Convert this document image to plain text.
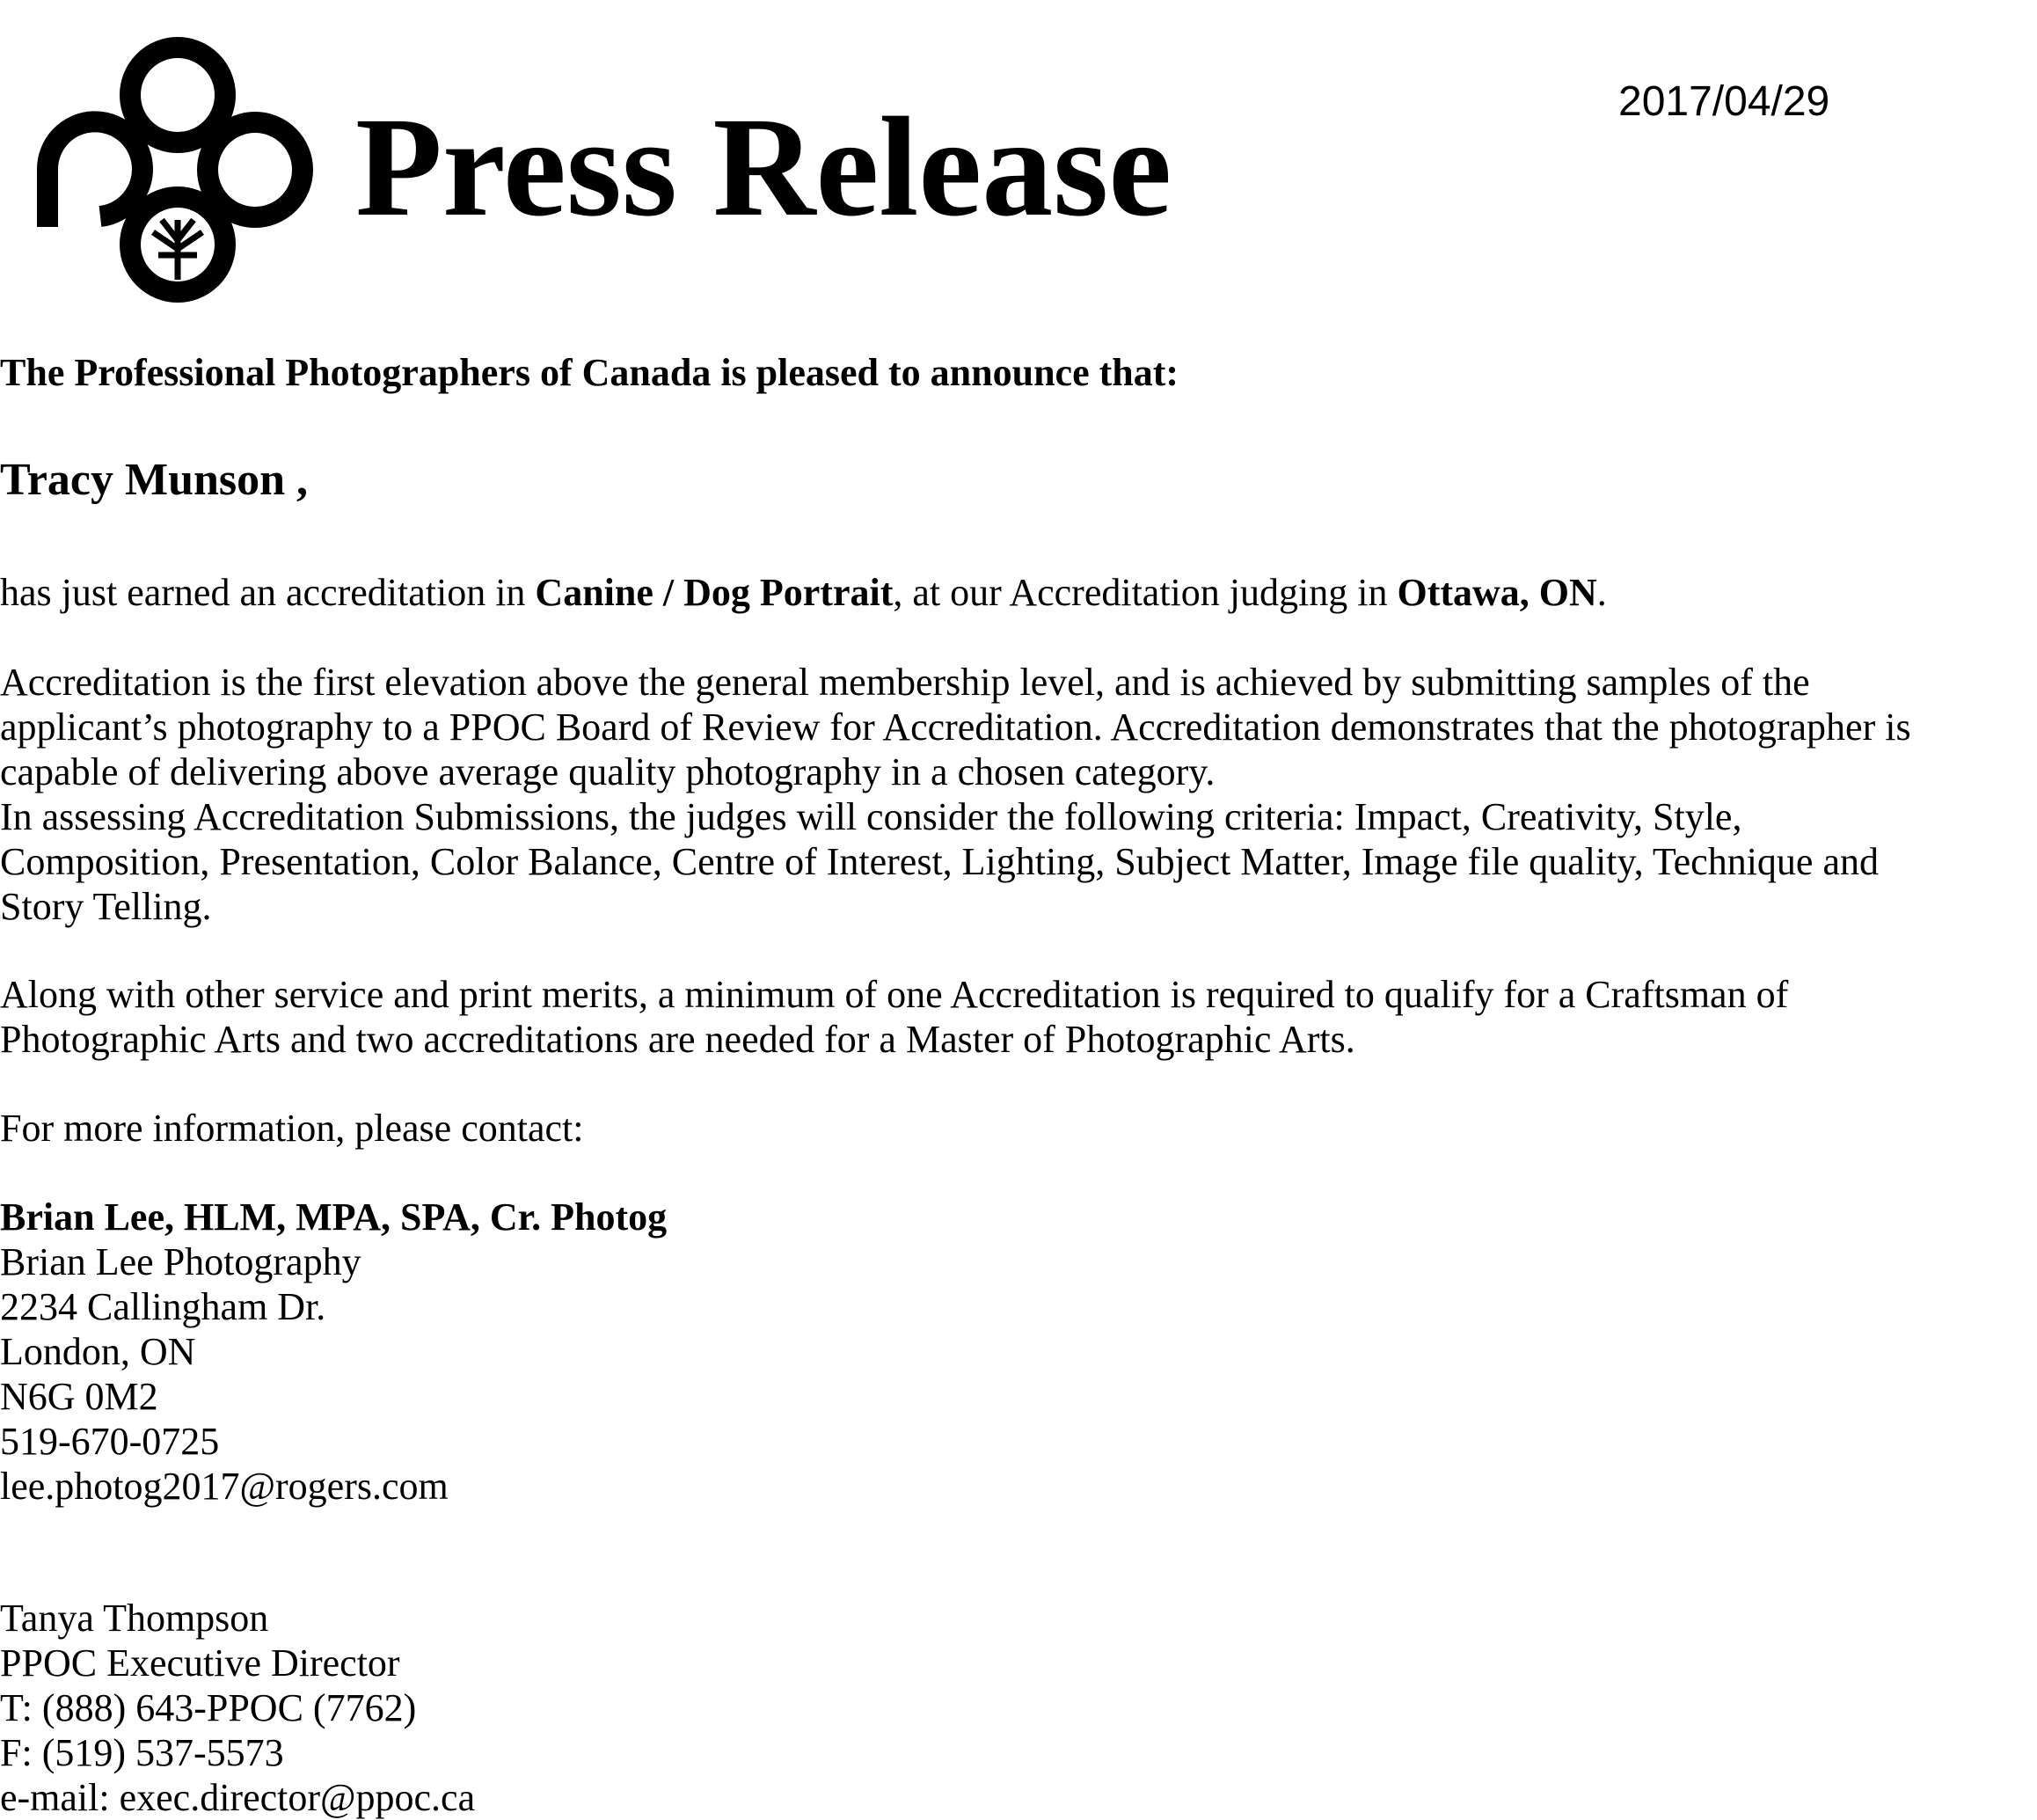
Press Release	2017/04/29
The Professional Photographers of Canada is pleased to announce that:
Tracy Munson ,
has just earned an accreditation in Canine / Dog Portrait, at our Accreditation judging in Ottawa, ON.
Accreditation is the first elevation above the general membership level, and is achieved by submitting samples of the
applicant’s photography to a PPOC Board of Review for Accreditation. Accreditation demonstrates that the photographer is
capable of delivering above average quality photography in a chosen category.
In assessing Accreditation Submissions, the judges will consider the following criteria: Impact, Creativity, Style,
Composition, Presentation, Color Balance, Centre of Interest, Lighting, Subject Matter, Image file quality, Technique and
Story Telling.
Along with other service and print merits, a minimum of one Accreditation is required to qualify for a Craftsman of
Photographic Arts and two accreditations are needed for a Master of Photographic Arts.
For more information, please contact:
Brian Lee, HLM, MPA, SPA, Cr. Photog
Brian Lee Photography
2234 Callingham Dr.
London, ON
N6G 0M2
519-670-0725
lee.photog2017@rogers.com
Tanya Thompson
PPOC Executive Director
T: (888) 643-PPOC (7762)
F: (519) 537-5573
e-mail: exec.director@ppoc.ca
